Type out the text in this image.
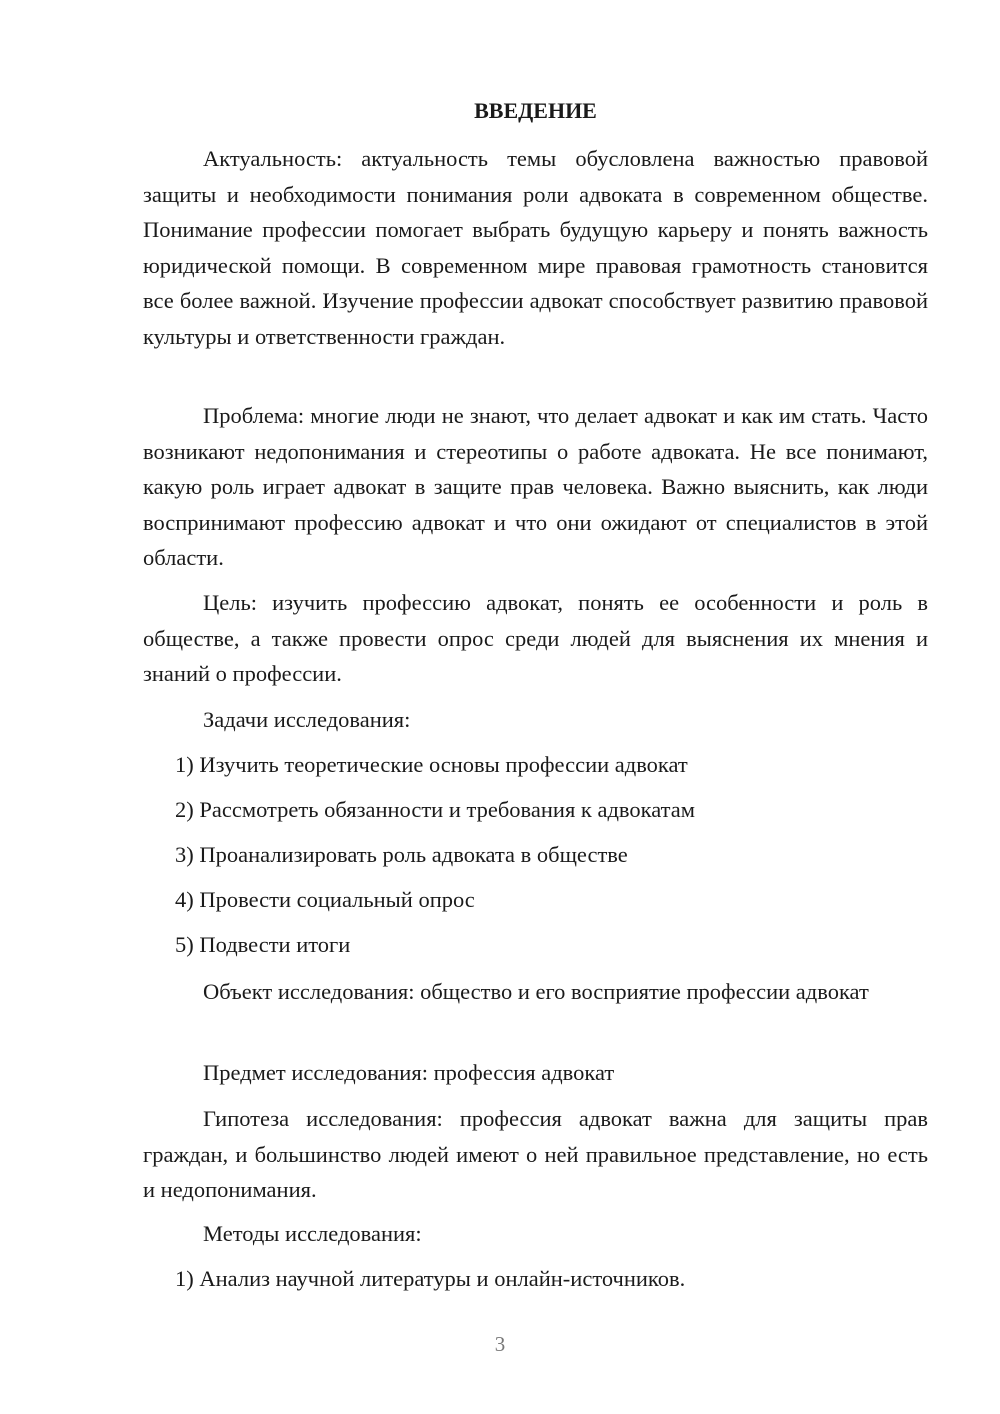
ВВЕДЕНИЕ

Актуальность: актуальность темы обусловлена важностью правовой защиты и необходимости понимания роли адвоката в современном обществе. Понимание профессии помогает выбрать будущую карьеру и понять важность юридической помощи. В современном мире правовая грамотность становится все более важной. Изучение профессии адвокат способствует развитию правовой культуры и ответственности граждан.

Проблема: многие люди не знают, что делает адвокат и как им стать. Часто возникают недопонимания и стереотипы о работе адвоката. Не все понимают, какую роль играет адвокат в защите прав человека. Важно выяснить, как люди воспринимают профессию адвокат и что они ожидают от специалистов в этой области.

Цель: изучить профессию адвокат, понять ее особенности и роль в обществе, а также провести опрос среди людей для выяснения их мнения и знаний о профессии.

Задачи исследования:

1) Изучить теоретические основы профессии адвокат

2) Рассмотреть обязанности и требования к адвокатам

3) Проанализировать роль адвоката в обществе

4) Провести социальный опрос

5) Подвести итоги

Объект исследования: общество и его восприятие профессии адвокат

Предмет исследования: профессия адвокат

Гипотеза исследования: профессия адвокат важна для защиты прав граждан, и большинство людей имеют о ней правильное представление, но есть и недопонимания.

Методы исследования:

1) Анализ научной литературы и онлайн-источников.

3
